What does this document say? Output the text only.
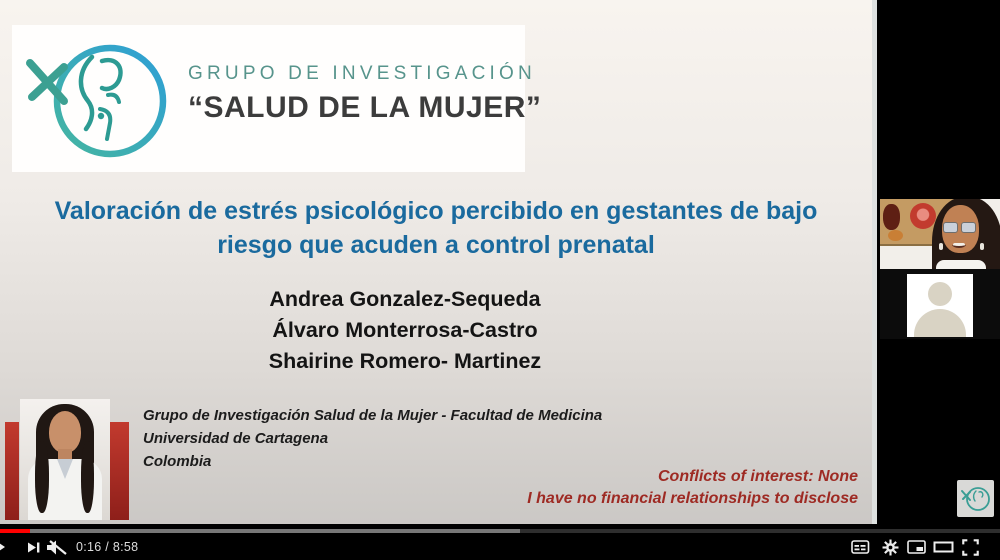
GRUPO DE INVESTIGACIÓN
“SALUD DE LA MUJER”
Valoración de estrés psicológico percibido en gestantes de bajo riesgo que acuden a control prenatal
Andrea Gonzalez-Sequeda
Álvaro Monterrosa-Castro
Shairine Romero- Martinez
Grupo de Investigación Salud de la Mujer - Facultad de Medicina
Universidad de Cartagena
Colombia
Conflicts of interest: None
I have no financial relationships to disclose
0:16 / 8:58
